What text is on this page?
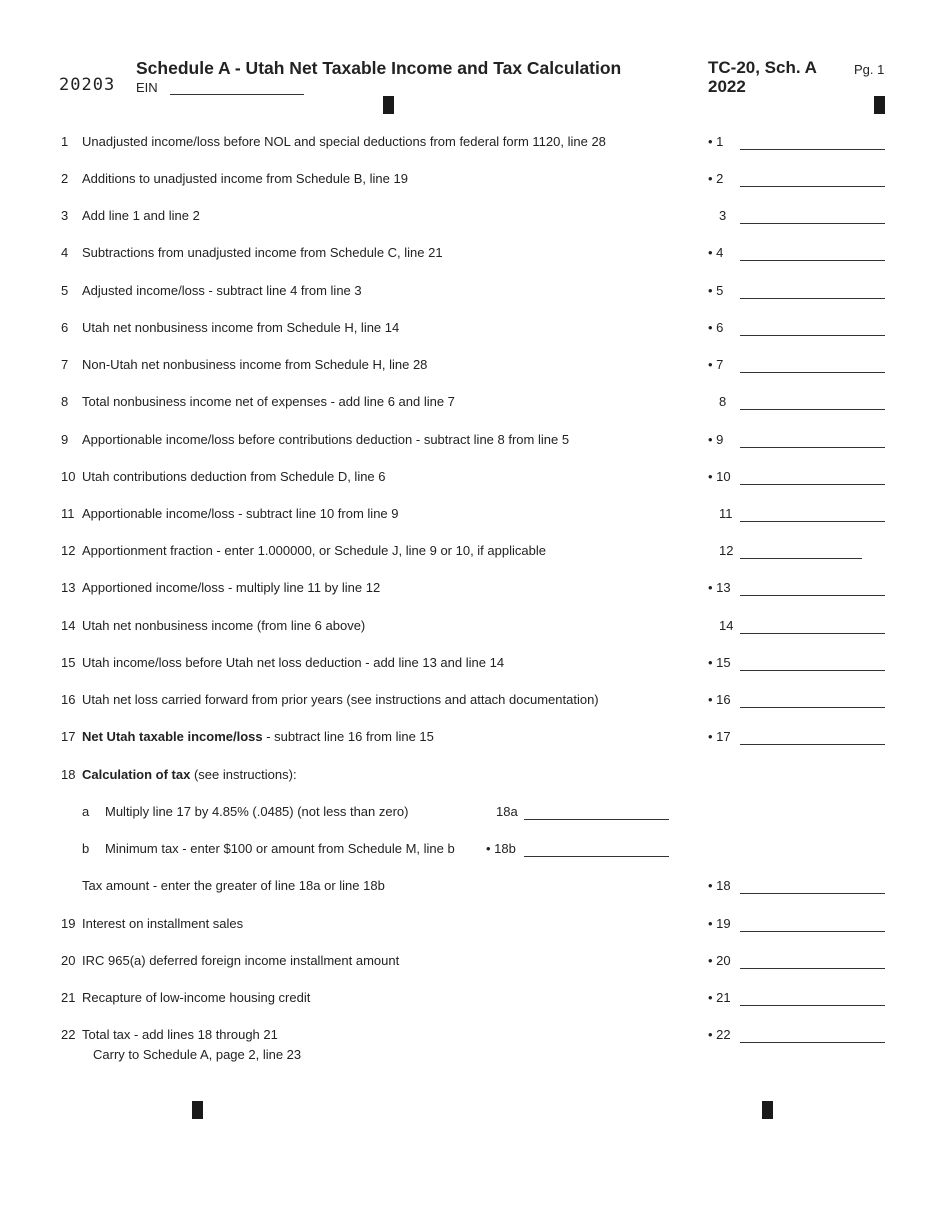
20203
Schedule A - Utah Net Taxable Income and Tax Calculation
EIN
TC-20, Sch. A
2022
Pg. 1
1 Unadjusted income/loss before NOL and special deductions from federal form 1120, line 28	• 1
2 Additions to unadjusted income from Schedule B, line 19	• 2
3 Add line 1 and line 2	3
4 Subtractions from unadjusted income from Schedule C, line 21	• 4
5 Adjusted income/loss - subtract line 4 from line 3	• 5
6 Utah net nonbusiness income from Schedule H, line 14	• 6
7 Non-Utah net nonbusiness income from Schedule H, line 28	• 7
8 Total nonbusiness income net of expenses - add line 6 and line 7	8
9 Apportionable income/loss before contributions deduction - subtract line 8 from line 5	• 9
10 Utah contributions deduction from Schedule D, line 6	• 10
11 Apportionable income/loss - subtract line 10 from line 9	11
12 Apportionment fraction - enter 1.000000, or Schedule J, line 9 or 10, if applicable	12
13 Apportioned income/loss - multiply line 11 by line 12	• 13
14 Utah net nonbusiness income (from line 6 above)	14
15 Utah income/loss before Utah net loss deduction - add line 13 and line 14	• 15
16 Utah net loss carried forward from prior years (see instructions and attach documentation)	• 16
17 Net Utah taxable income/loss - subtract line 16 from line 15	• 17
18 Calculation of tax (see instructions):
a Multiply line 17 by 4.85% (.0485) (not less than zero)	18a
b Minimum tax - enter $100 or amount from Schedule M, line b • 18b
Tax amount - enter the greater of line 18a or line 18b	• 18
19 Interest on installment sales	• 19
20 IRC 965(a) deferred foreign income installment amount	• 20
21 Recapture of low-income housing credit	• 21
22 Total tax - add lines 18 through 21	• 22
Carry to Schedule A, page 2, line 23
